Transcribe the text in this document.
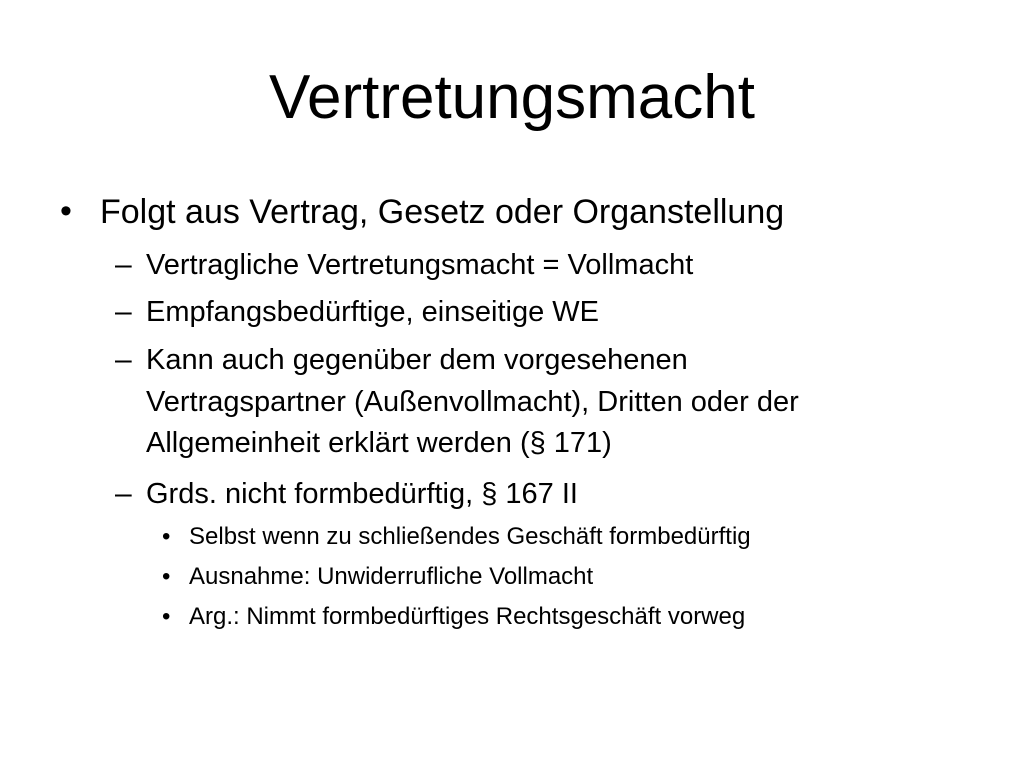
Vertretungsmacht
• Folgt aus Vertrag, Gesetz oder Organstellung
– Vertragliche Vertretungsmacht = Vollmacht
– Empfangsbedürftige, einseitige WE
– Kann auch gegenüber dem vorgesehenen
Vertragspartner (Außenvollmacht), Dritten oder der
Allgemeinheit erklärt werden (§ 171)
– Grds. nicht formbedürftig, § 167 II
• Selbst wenn zu schließendes Geschäft formbedürftig
• Ausnahme: Unwiderrufliche Vollmacht
• Arg.: Nimmt formbedürftiges Rechtsgeschäft vorweg
